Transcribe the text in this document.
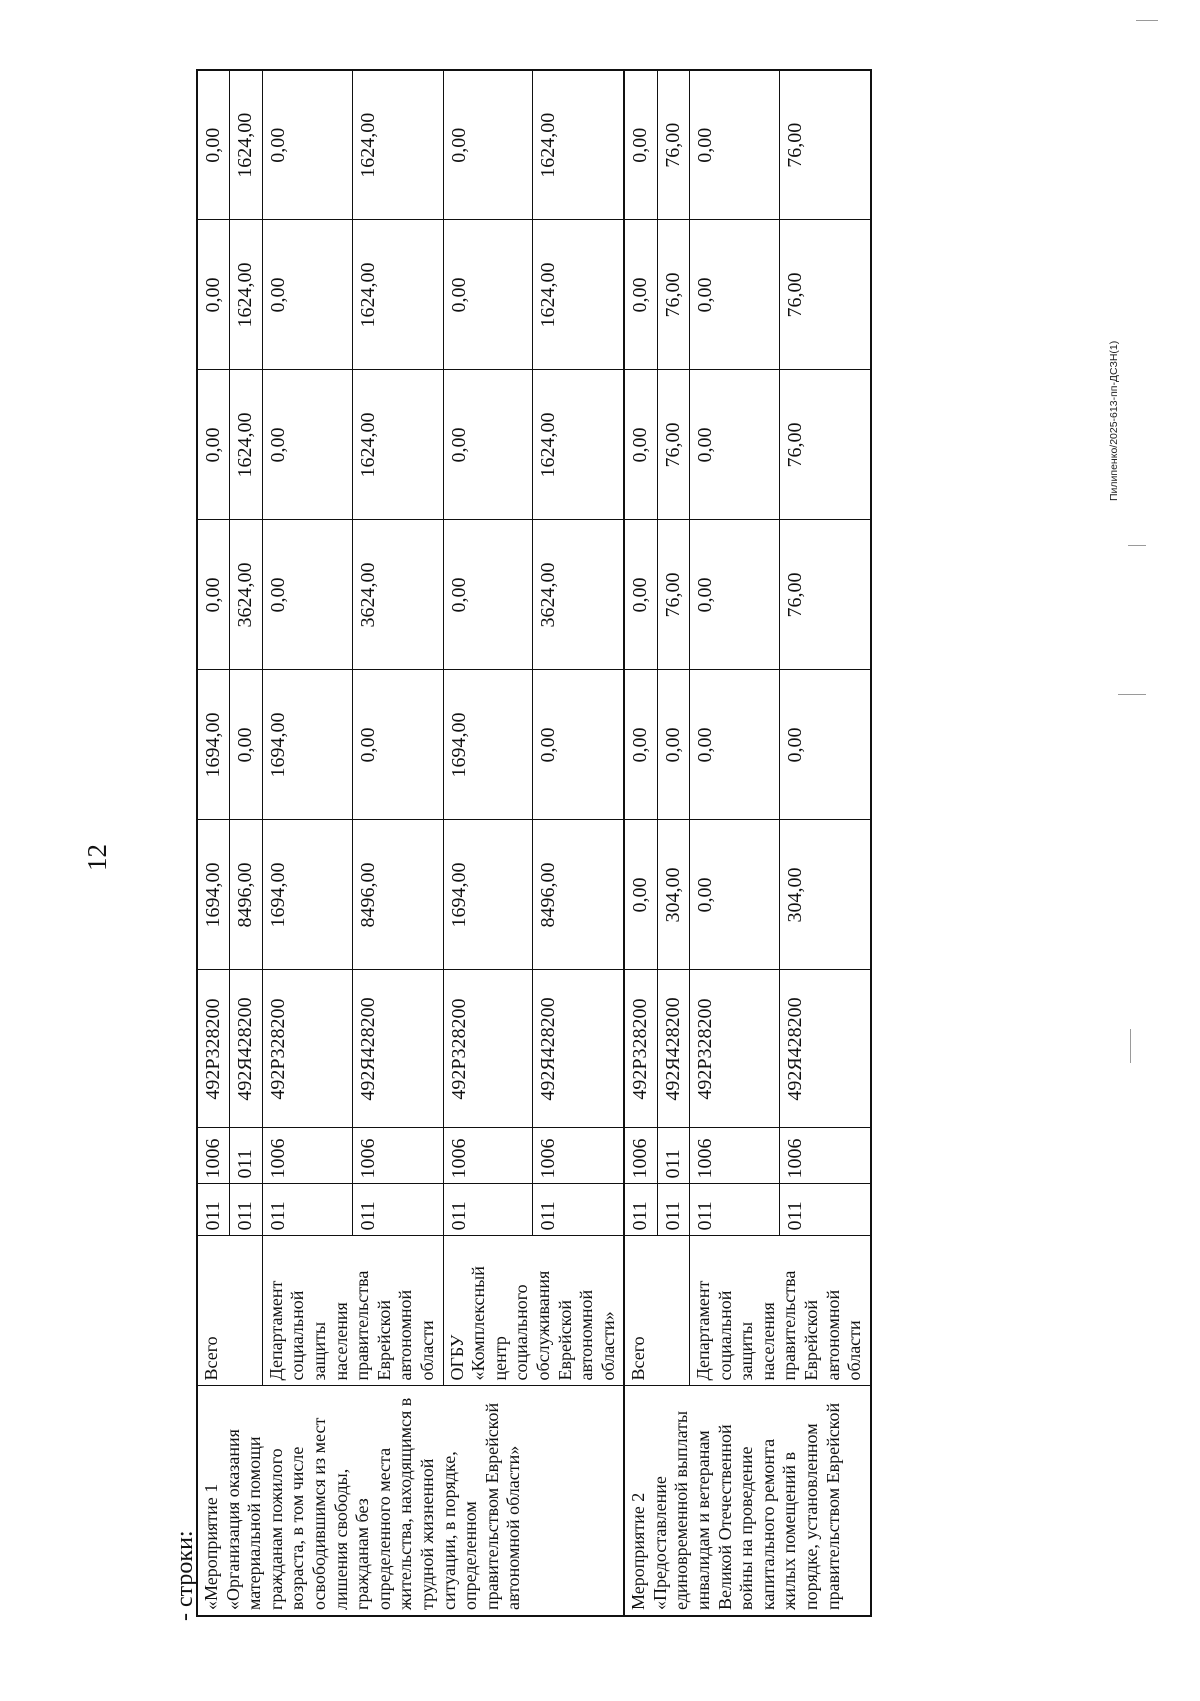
12
- строки: «Мероприятие 1 «Организация оказания материальной помощи гражданам пожилого возраста, в том числе освободившимся из мест лишения свободы, гражданам без определенного места жительства, находящимся в трудной жизненной ситуации, в порядке, определенном правительством Еврейской автономной области»	Всего	011	1006	492Р328200	1694,00	1694,00	0,00	0,00	0,00	0,00
		011	011	492Я428200	8496,00	0,00	3624,00	1624,00	1624,00	1624,00
	Департамент социальной защиты населения правительства Еврейской автономной области	011	1006	492Р328200	1694,00	1694,00	0,00	0,00	0,00	0,00
		011	1006	492Я428200	8496,00	0,00	3624,00	1624,00	1624,00	1624,00
	ОГБУ «Комплексный центр социального обслуживания Еврейской автономной области»	011	1006	492Р328200	1694,00	1694,00	0,00	0,00	0,00	0,00
		011	1006	492Я428200	8496,00	0,00	3624,00	1624,00	1624,00	1624,00
Мероприятие 2 «Предоставление единовременной выплаты инвалидам и ветеранам Великой Отечественной войны на проведение капитального ремонта жилых помещений в порядке, установленном правительством Еврейской	Всего	011	1006	492Р328200	0,00	0,00	0,00	0,00	0,00	0,00
		011	011	492Я428200	304,00	0,00	76,00	76,00	76,00	76,00
	Департамент социальной защиты населения правительства Еврейской автономной области	011	1006	492Р328200	0,00	0,00	0,00	0,00	0,00	0,00
		011	1006	492Я428200	304,00	0,00	76,00	76,00	76,00	76,00
Пилипенко/2025-613-пп-ДСЗН(1)
